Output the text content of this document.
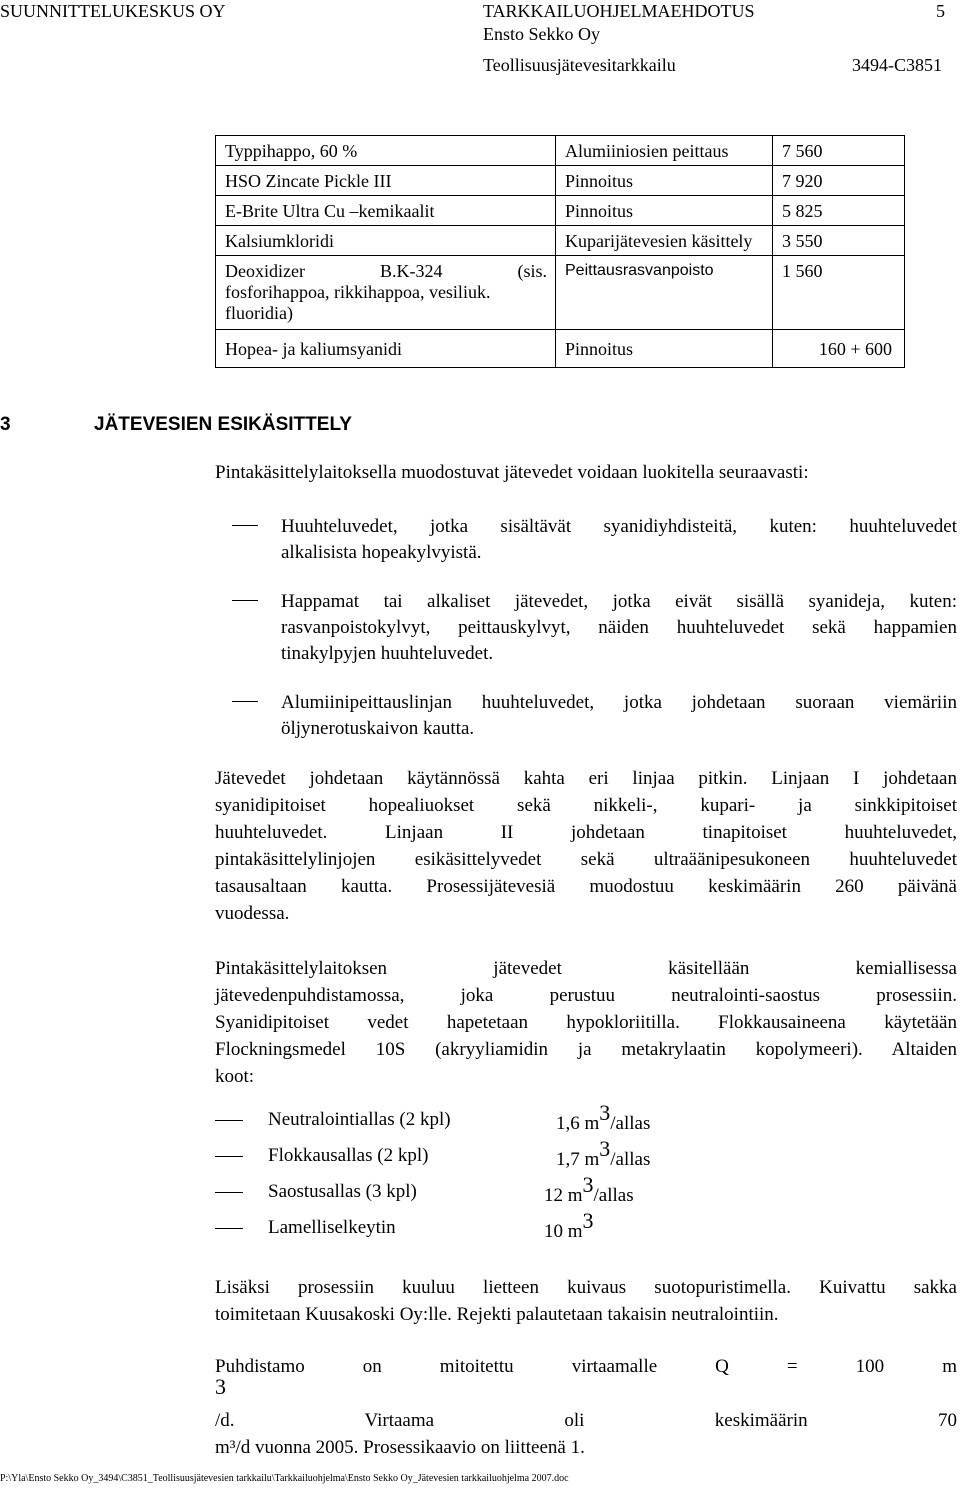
SUUNNITTELUKESKUS OY	TARKKAILUOHJELMAEHDOTUS	5
Ensto Sekko Oy
Teollisuusjätevesitarkkailu	3494-C3851
Typpihappo, 60 %	Alumiiniosien peittaus	7 560
HSO Zincate Pickle III	Pinnoitus	7 920
E-Brite Ultra Cu –kemikaalit	Pinnoitus	5 825
Kalsiumkloridi	Kuparijätevesien käsittely	3 550

Deoxidizer B.K-324 (sis.
fosforihappoa, rikkihappoa, vesiliuk.
fluoridia)	Peittausrasvanpoisto	1 560
Hopea- ja kaliumsyanidi	Pinnoitus	160 + 600
3	JÄTEVESIEN ESIKÄSITTELY
Pintakäsittelylaitoksella muodostuvat jätevedet voidaan luokitella seuraavasti:
Huuhteluvedet, jotka sisältävät syanidiyhdisteitä, kuten: huuhteluvedet
alkalisista hopeakylvyistä.
Happamat tai alkaliset jätevedet, jotka eivät sisällä syanideja, kuten:
rasvanpoistokylvyt, peittauskylvyt, näiden huuhteluvedet sekä happamien
tinakylpyjen huuhteluvedet.
Alumiinipeittauslinjan huuhteluvedet, jotka johdetaan suoraan viemäriin
öljynerotuskaivon kautta.
Jätevedet johdetaan käytännössä kahta eri linjaa pitkin. Linjaan I johdetaan
syanidipitoiset hopealiuokset sekä nikkeli-, kupari- ja sinkkipitoiset
huuhteluvedet. Linjaan II johdetaan tinapitoiset huuhteluvedet,
pintakäsittelylinjojen esikäsittelyvedet sekä ultraäänipesukoneen huuhteluvedet
tasausaltaan kautta. Prosessijätevesiä muodostuu keskimäärin 260 päivänä
vuodessa.
Pintakäsittelylaitoksen jätevedet käsitellään kemiallisessa
jätevedenpuhdistamossa, joka perustuu neutralointi-saostus prosessiin.
Syanidipitoiset vedet hapetetaan hypokloriitilla. Flokkausaineena käytetään
Flockningsmedel 10S (akryyliamidin ja metakrylaatin kopolymeeri). Altaiden
koot:
Neutralointiallas (2 kpl)	1,6 m3/allas
Flokkausallas (2 kpl)	1,7 m3/allas
Saostusallas (3 kpl)	12 m3/allas
Lamelliselkeytin	10 m3
Lisäksi prosessiin kuuluu lietteen kuivaus suotopuristimella. Kuivattu sakka
toimitetaan Kuusakoski Oy:lle. Rejekti palautetaan takaisin neutralointiin.
Puhdistamo on mitoitettu virtaamalle Q = 100 m
3
/d. Virtaama oli keskimäärin 70
m³/d vuonna 2005. Prosessikaavio on liitteenä 1.
P:\Yla\Ensto Sekko Oy_3494\C3851_Teollisuusjätevesien tarkkailu\Tarkkailuohjelma\Ensto Sekko Oy_Jätevesien tarkkailuohjelma 2007.doc
